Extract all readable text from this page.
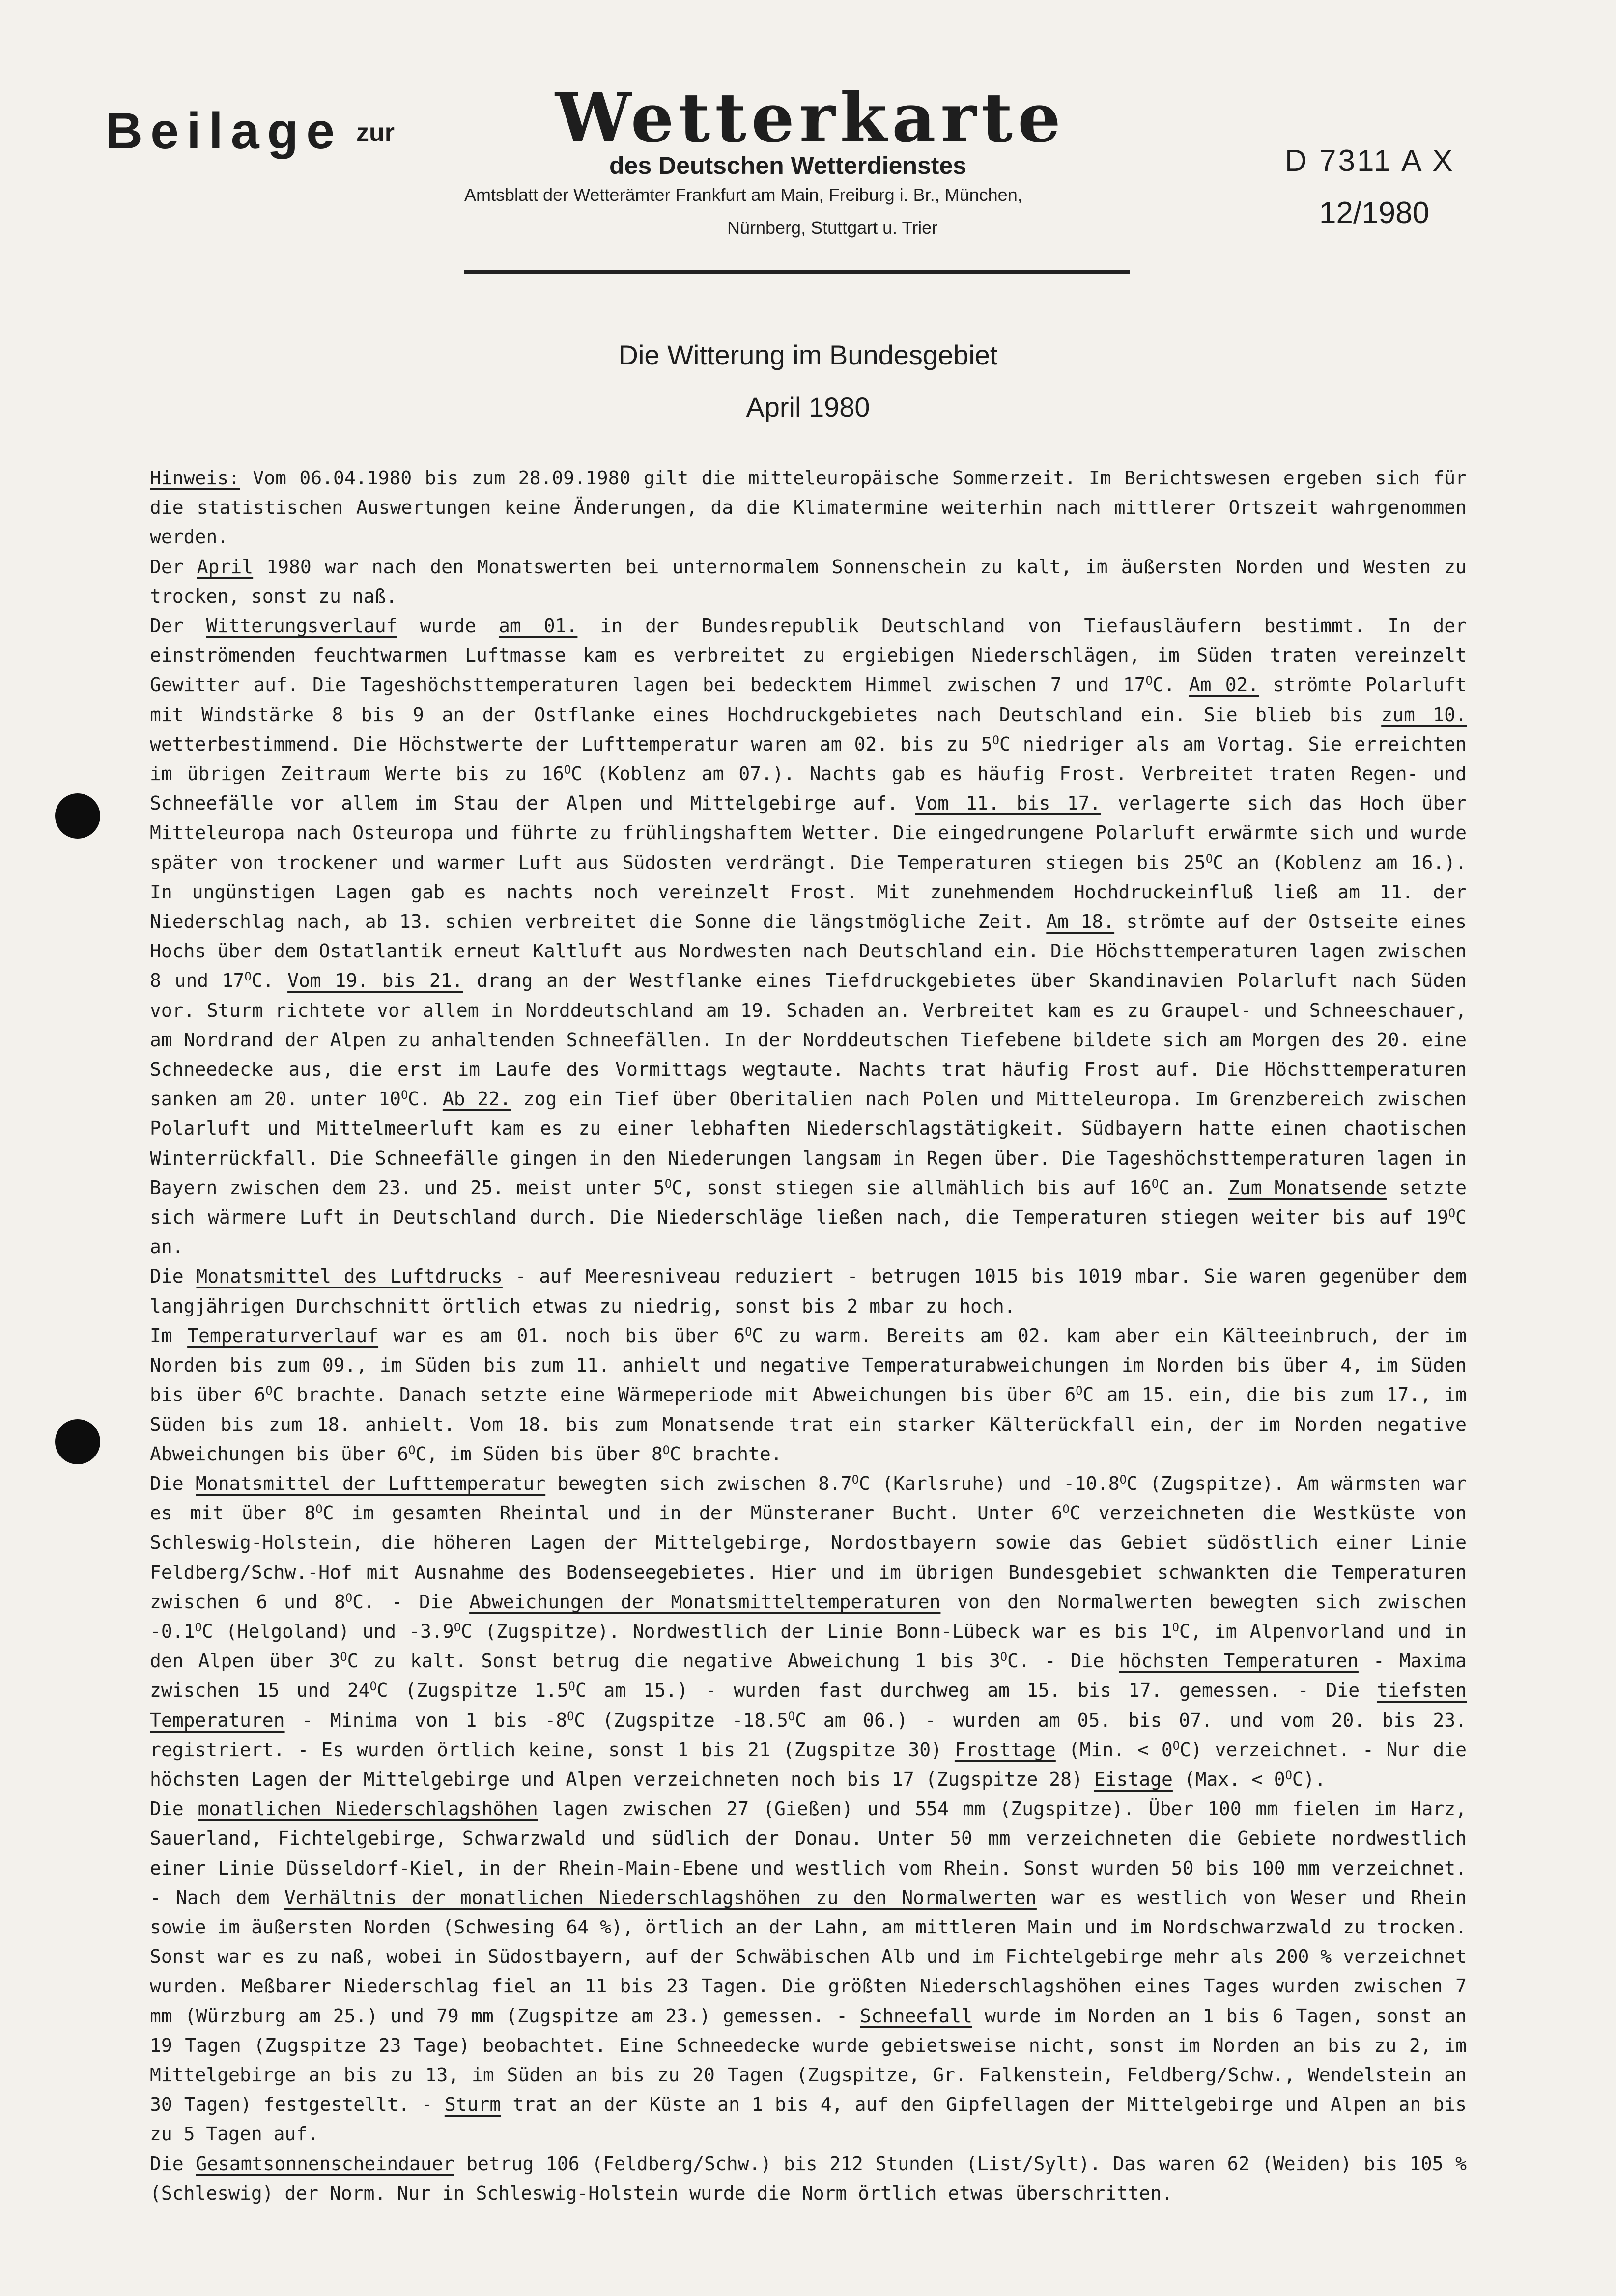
Beilage zur Wetterkarte
des Deutschen Wetterdienstes
Amtsblatt der Wetterämter Frankfurt am Main, Freiburg i. Br., München,
Nürnberg, Stuttgart u. Trier
D 7311 A X
12/1980
Die Witterung im Bundesgebiet
April 1980

Hinweis: Vom 06.04.1980 bis zum 28.09.1980 gilt die mitteleuropäische Sommerzeit. Im Berichtswesen ergeben sich für die statistischen Auswertungen keine Änderungen, da die Klimatermine weiterhin nach mittlerer Ortszeit wahrgenommen werden.

Der April 1980 war nach den Monatswerten bei unternormalem Sonnenschein zu kalt, im äußersten Norden und Westen zu trocken, sonst zu naß.

Der Witterungsverlauf wurde am 01. in der Bundesrepublik Deutschland von Tiefausläufern bestimmt. In der einströmenden feuchtwarmen Luftmasse kam es verbreitet zu ergiebigen Niederschlägen, im Süden traten vereinzelt Gewitter auf. Die Tageshöchsttemperaturen lagen bei bedecktem Himmel zwischen 7 und $17^OC$. Am 02. strömte Polarluft mit Windstärke 8 bis 9 an der Ostflanke eines Hochdruckgebietes nach Deutschland ein. Sie blieb bis zum 10. wetterbestimmend. Die Höchstwerte der Lufttemperatur waren am 02. bis zu $5^OC$ niedriger als am Vortag. Sie erreichten im übrigen Zeitraum Werte bis zu $16^OC$ (Koblenz am 07.). Nachts gab es häufig Frost. Verbreitet traten Regen- und Schneefälle vor allem im Stau der Alpen und Mittelgebirge auf. Vom 11. bis 17. verlagerte sich das Hoch über Mitteleuropa nach Osteuropa und führte zu frühlingshaftem Wetter. Die eingedrungene Polarluft erwärmte sich und wurde später von trockener und warmer Luft aus Südosten verdrängt. Die Temperaturen stiegen bis $25^OC$ an (Koblenz am 16.). In ungünstigen Lagen gab es nachts noch vereinzelt Frost. Mit zunehmendem Hochdruckeinfluß ließ am 11. der Niederschlag nach, ab 13. schien verbreitet die Sonne die längstmögliche Zeit. Am 18. strömte auf der Ostseite eines Hochs über dem Ostatlantik erneut Kaltluft aus Nordwesten nach Deutschland ein. Die Höchsttemperaturen lagen zwischen 8 und $17^OC$. Vom 19. bis 21. drang an der Westflanke eines Tiefdruckgebietes über Skandinavien Polarluft nach Süden vor. Sturm richtete vor allem in Norddeutschland am 19. Schaden an. Verbreitet kam es zu Graupel- und Schneeschauer, am Nordrand der Alpen zu anhaltenden Schneefällen. In der Norddeutschen Tiefebene bildete sich am Morgen des 20. eine Schneedecke aus, die erst im Laufe des Vormittags wegtaute. Nachts trat häufig Frost auf. Die Höchsttemperaturen sanken am 20. unter $10^OC$. Ab 22. zog ein Tief über Oberitalien nach Polen und Mitteleuropa. Im Grenzbereich zwischen Polarluft und Mittelmeerluft kam es zu einer lebhaften Niederschlagstätigkeit. Südbayern hatte einen chaotischen Winterrückfall. Die Schneefälle gingen in den Niederungen langsam in Regen über. Die Tageshöchsttemperaturen lagen in Bayern zwischen dem 23. und 25. meist unter $5^OC$, sonst stiegen sie allmählich bis auf $16^OC$ an. Zum Monatsende setzte sich wärmere Luft in Deutschland durch. Die Niederschläge ließen nach, die Temperaturen stiegen weiter bis auf $19^OC$ an.

Die Monatsmittel des Luftdrucks - auf Meeresniveau reduziert - betrugen 1015 bis 1019 mbar. Sie waren gegenüber dem langjährigen Durchschnitt örtlich etwas zu niedrig, sonst bis 2 mbar zu hoch.

Im Temperaturverlauf war es am 01. noch bis über $6^OC$ zu warm. Bereits am 02. kam aber ein Kälteeinbruch, der im Norden bis zum 09., im Süden bis zum 11. anhielt und negative Temperaturabweichungen im Norden bis über 4, im Süden bis über $6^OC$ brachte. Danach setzte eine Wärmeperiode mit Abweichungen bis über $6^OC$ am 15. ein, die bis zum 17., im Süden bis zum 18. anhielt. Vom 18. bis zum Monatsende trat ein starker Kälterückfall ein, der im Norden negative Abweichungen bis über $6^OC$, im Süden bis über $8^OC$ brachte.

Die Monatsmittel der Lufttemperatur bewegten sich zwischen $8.7^OC$ (Karlsruhe) und $-10.8^OC$ (Zugspitze). Am wärmsten war es mit über $8^OC$ im gesamten Rheintal und in der Münsteraner Bucht. Unter $6^OC$ verzeichneten die Westküste von Schleswig-Holstein, die höheren Lagen der Mittelgebirge, Nordostbayern sowie das Gebiet südöstlich einer Linie Feldberg/Schw.-Hof mit Ausnahme des Bodenseegebietes. Hier und im übrigen Bundesgebiet schwankten die Temperaturen zwischen 6 und $8^OC$. - Die Abweichungen der Monatsmitteltemperaturen von den Normalwerten bewegten sich zwischen $-0.1^OC$ (Helgoland) und $-3.9^OC$ (Zugspitze). Nordwestlich der Linie Bonn-Lübeck war es bis $1^OC$, im Alpenvorland und in den Alpen über $3^OC$ zu kalt. Sonst betrug die negative Abweichung 1 bis $3^OC$. - Die höchsten Temperaturen - Maxima zwischen 15 und $24^OC$ (Zugspitze $1.5^OC$ am 15.) - wurden fast durchweg am 15. bis 17. gemessen. - Die tiefsten Temperaturen - Minima von 1 bis $-8^OC$ (Zugspitze $-18.5^OC$ am 06.) - wurden am 05. bis 07. und vom 20. bis 23. registriert. - Es wurden örtlich keine, sonst 1 bis 21 (Zugspitze 30) Frosttage (Min. < $0^OC$) verzeichnet. - Nur die höchsten Lagen der Mittelgebirge und Alpen verzeichneten noch bis 17 (Zugspitze 28) Eistage (Max. < $0^OC$).

Die monatlichen Niederschlagshöhen lagen zwischen 27 (Gießen) und 554 mm (Zugspitze). Über 100 mm fielen im Harz, Sauerland, Fichtelgebirge, Schwarzwald und südlich der Donau. Unter 50 mm verzeichneten die Gebiete nordwestlich einer Linie Düsseldorf-Kiel, in der Rhein-Main-Ebene und westlich vom Rhein. Sonst wurden 50 bis 100 mm verzeichnet. - Nach dem Verhältnis der monatlichen Niederschlagshöhen zu den Normalwerten war es westlich von Weser und Rhein sowie im äußersten Norden (Schwesing 64 %), örtlich an der Lahn, am mittleren Main und im Nordschwarzwald zu trocken. Sonst war es zu naß, wobei in Südostbayern, auf der Schwäbischen Alb und im Fichtelgebirge mehr als 200 % verzeichnet wurden. Meßbarer Niederschlag fiel an 11 bis 23 Tagen. Die größten Niederschlagshöhen eines Tages wurden zwischen 7 mm (Würzburg am 25.) und 79 mm (Zugspitze am 23.) gemessen. - Schneefall wurde im Norden an 1 bis 6 Tagen, sonst an 19 Tagen (Zugspitze 23 Tage) beobachtet. Eine Schneedecke wurde gebietsweise nicht, sonst im Norden an bis zu 2, im Mittelgebirge an bis zu 13, im Süden an bis zu 20 Tagen (Zugspitze, Gr. Falkenstein, Feldberg/Schw., Wendelstein an 30 Tagen) festgestellt. - Sturm trat an der Küste an 1 bis 4, auf den Gipfellagen der Mittelgebirge und Alpen an bis zu 5 Tagen auf.

Die Gesamtsonnenscheindauer betrug 106 (Feldberg/Schw.) bis 212 Stunden (List/Sylt). Das waren 62 (Weiden) bis 105 % (Schleswig) der Norm. Nur in Schleswig-Holstein wurde die Norm örtlich etwas überschritten.
